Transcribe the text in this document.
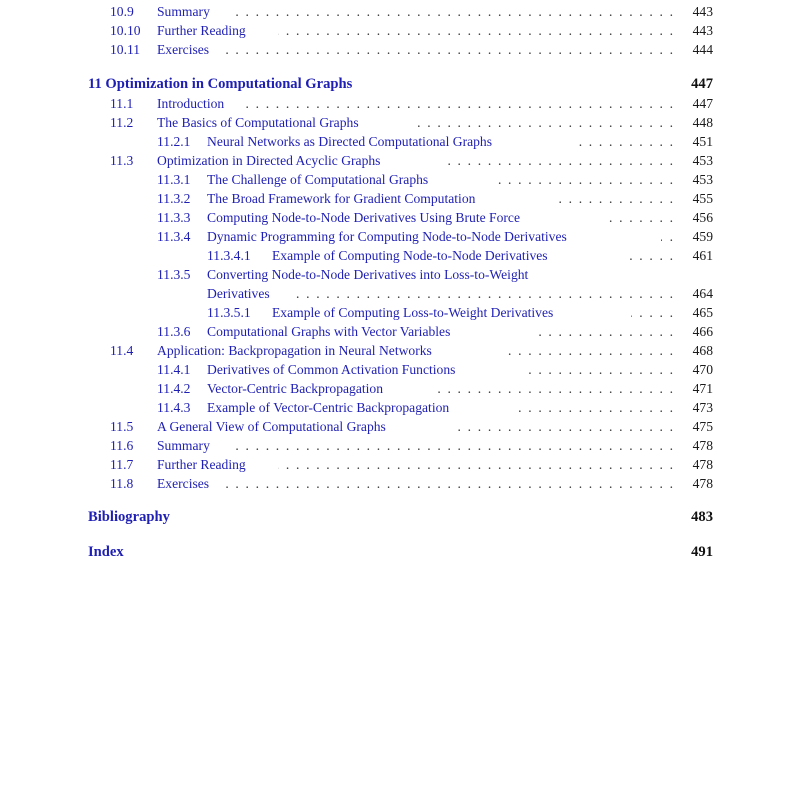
10.9 Summary . . .	443
10.10 Further Reading . . .	443
10.11 Exercises . . .	444
11 Optimization in Computational Graphs	447
11.1 Introduction . . .	447
11.2 The Basics of Computational Graphs . . .	448
11.2.1 Neural Networks as Directed Computational Graphs . . .	451
11.3 Optimization in Directed Acyclic Graphs . . .	453
11.3.1 The Challenge of Computational Graphs . . .	453
11.3.2 The Broad Framework for Gradient Computation . . .	455
11.3.3 Computing Node-to-Node Derivatives Using Brute Force . . .	456
11.3.4 Dynamic Programming for Computing Node-to-Node Derivatives . . .	459
11.3.4.1 Example of Computing Node-to-Node Derivatives . . .	461
11.3.5 Converting Node-to-Node Derivatives into Loss-to-Weight
Derivatives . . .	464
11.3.5.1 Example of Computing Loss-to-Weight Derivatives . . .	465
11.3.6 Computational Graphs with Vector Variables . . .	466
11.4 Application: Backpropagation in Neural Networks . . .	468
11.4.1 Derivatives of Common Activation Functions . . .	470
11.4.2 Vector-Centric Backpropagation . . .	471
11.4.3 Example of Vector-Centric Backpropagation . . .	473
11.5 A General View of Computational Graphs . . .	475
11.6 Summary . . .	478
11.7 Further Reading . . .	478
11.8 Exercises . . .	478
Bibliography	483
Index	491
